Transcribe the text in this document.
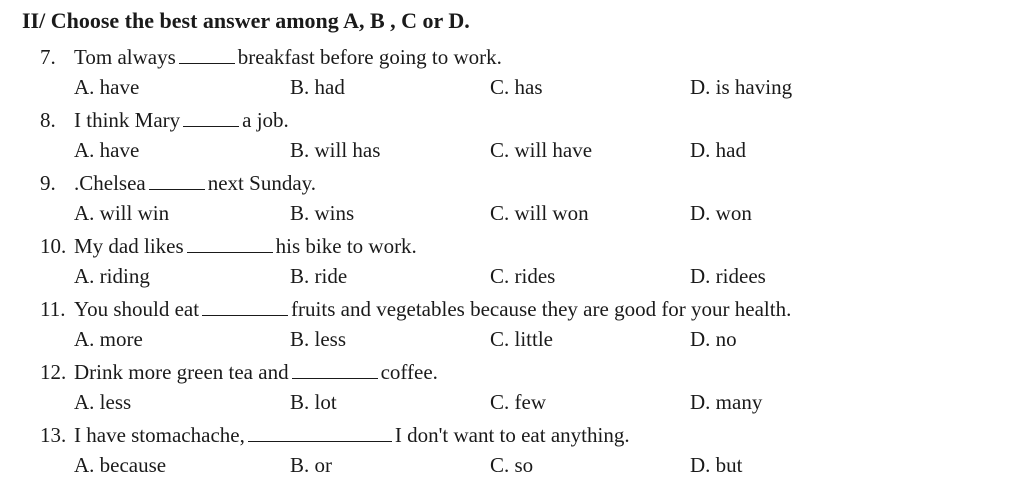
II/ Choose the best answer among A, B , C or D.
7. Tom always	breakfast before going to work.
A. have	B. had	C. has	D. is having
8. I think Mary	a job.
A. have	B. will has	C. will have	D. had
9. .Chelsea	next Sunday.
A. will win	B. wins	C. will won	D. won
10. My dad likes	his bike to work.
A. riding	B. ride	C. rides	D. ridees
11. You should eat	fruits and vegetables because they are good for your health.
A. more	B. less	C. little	D. no
12. Drink more green tea and	coffee.
A. less	B. lot	C. few	D. many
13. I have stomachache,	I don't want to eat anything.
A. because	B. or	C. so	D. but
